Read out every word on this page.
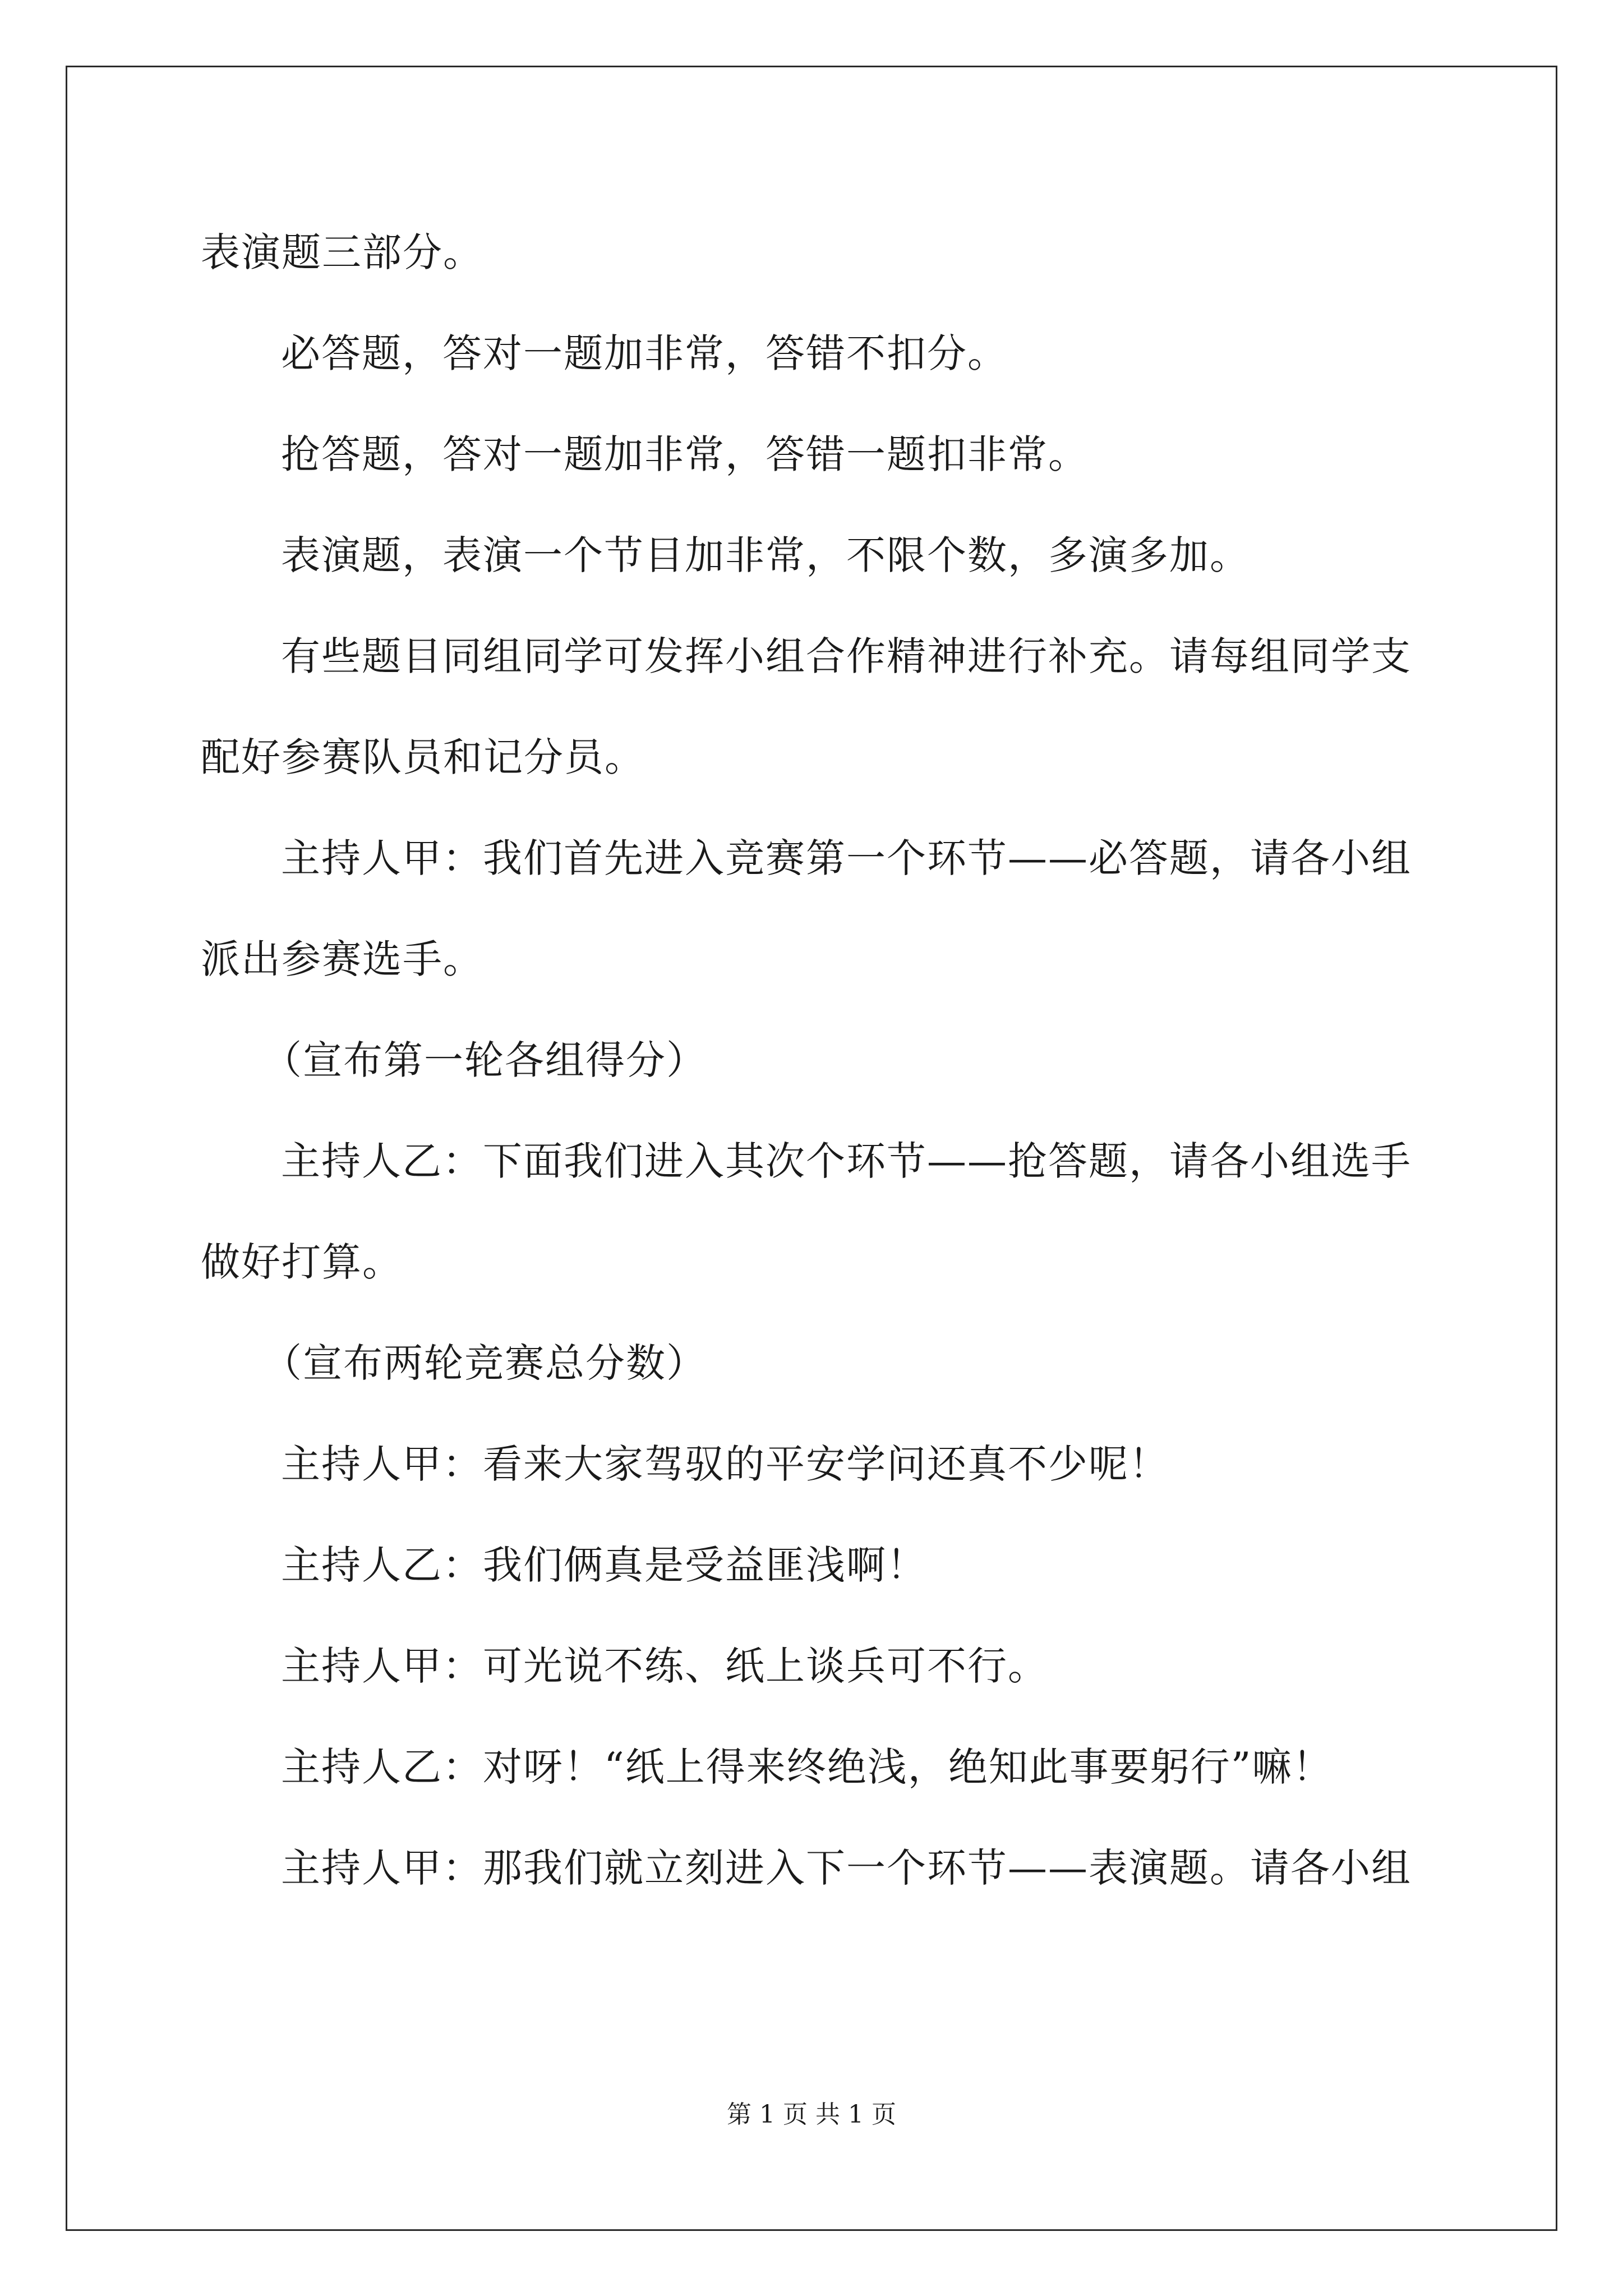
表演题三部分。
必答题，答对一题加非常，答错不扣分。
抢答题，答对一题加非常，答错一题扣非常。
表演题，表演一个节目加非常，不限个数，多演多加。
有些题目同组同学可发挥小组合作精神进行补充。请每组同学支
配好参赛队员和记分员。
主持人甲：我们首先进入竞赛第一个环节——必答题，请各小组
派出参赛选手。
（宣布第一轮各组得分）
主持人乙：下面我们进入其次个环节——抢答题，请各小组选手
做好打算。
（宣布两轮竞赛总分数）
主持人甲：看来大家驾驭的平安学问还真不少呢！
主持人乙：我们俩真是受益匪浅啊！
主持人甲：可光说不练、纸上谈兵可不行。
主持人乙：对呀！“纸上得来终绝浅，绝知此事要躬行”嘛！
主持人甲：那我们就立刻进入下一个环节——表演题。请各小组
第 1 页 共 1 页
